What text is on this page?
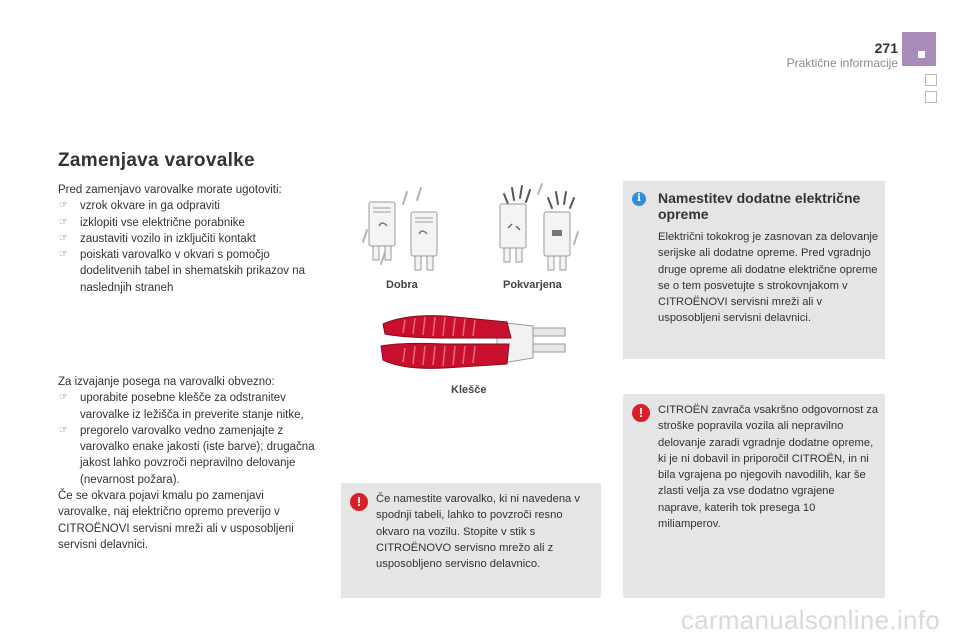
271
Praktične informacije
Zamenjava varovalke

Pred zamenjavo varovalke morate ugotoviti:

☞ vzrok okvare in ga odpraviti
☞ izklopiti vse električne porabnike
☞ zaustaviti vozilo in izključiti kontakt
☞ poiskati varovalko v okvari s pomočjo dodelitvenih tabel in shematskih prikazov na naslednjih straneh

Za izvajanje posega na varovalki obvezno:

☞ uporabite posebne klešče za odstranitev varovalke iz ležišča in preverite stanje nitke,
☞ pregorelo varovalko vedno zamenjajte z varovalko enake jakosti (iste barve); drugačna jakost lahko povzroči nepravilno delovanje (nevarnost požara).

Če se okvara pojavi kmalu po zamenjavi varovalke, naj električno opremo preverijo v CITROËNOVI servisni mreži ali v usposobljeni servisni delavnici.

Dobra	Pokvarjena
Klešče
i	Namestitev dodatne električne opreme
Električni tokokrog je zasnovan za delovanje serijske ali dodatne opreme. Pred vgradnjo druge opreme ali dodatne električne opreme se o tem posvetujte s strokovnjakom v CITROËNOVI servisni mreži ali v usposobljeni servisni delavnici.
!	Če namestite varovalko, ki ni navedena v spodnji tabeli, lahko to povzroči resno okvaro na vozilu. Stopite v stik s CITROËNOVO servisno mrežo ali z usposobljeno servisno delavnico.
!	CITROËN zavrača vsakršno odgovornost za stroške popravila vozila ali nepravilno delovanje zaradi vgradnje dodatne opreme, ki je ni dobavil in priporočil CITROËN, in ni bila vgrajena po njegovih navodilih, kar še zlasti velja za vse dodatno vgrajene naprave, katerih tok presega 10 miliamperov.
carmanualsonline.info
